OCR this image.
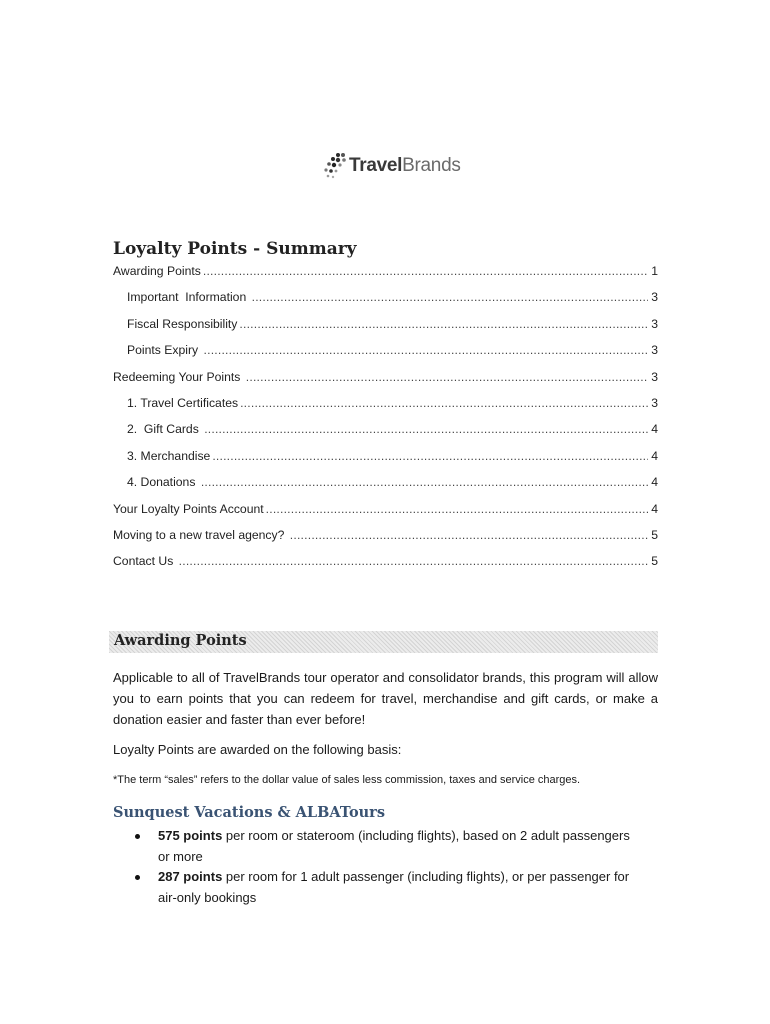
TravelBrands
Loyalty Points - Summary
Awarding Points .....	1
Important  Information .....	3
Fiscal Responsibility .....	3
Points Expiry .....	3
Redeeming Your Points .....	3
1. Travel Certificates .....	3
2.  Gift Cards .....	4
3. Merchandise .....	4
4. Donations .....	4
Your Loyalty Points Account .....	4
Moving to a new travel agency? .....	5
Contact Us .....	5
Awarding Points

Applicable to all of TravelBrands tour operator and consolidator brands, this program will allow you to earn points that you can redeem for travel, merchandise and gift cards, or make a donation easier and faster than ever before!

Loyalty Points are awarded on the following basis:

*The term “sales” refers to the dollar value of sales less commission, taxes and service charges.
Sunquest Vacations & ALBATours
575 points per room or stateroom (including flights), based on 2 adult passengers or more
287 points per room for 1 adult passenger (including flights), or per passenger for air-only bookings
